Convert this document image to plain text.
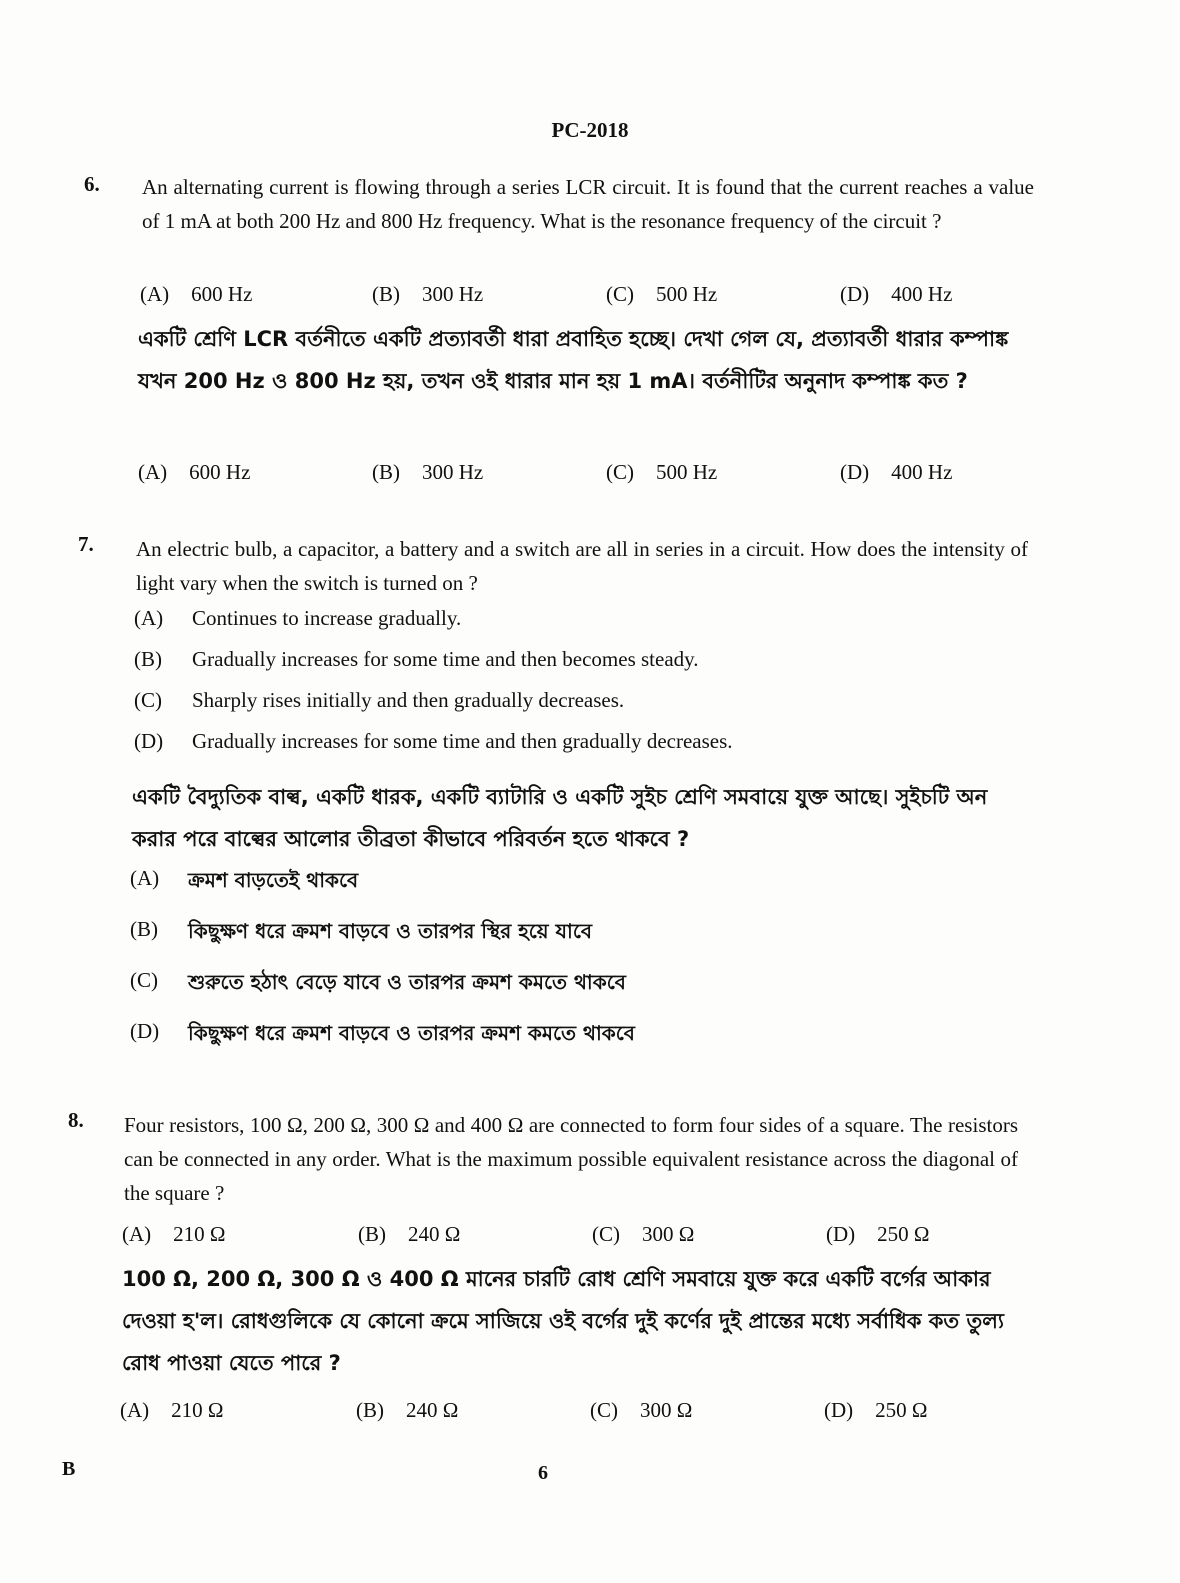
PC-2018
6. An alternating current is flowing through a series LCR circuit. It is found that the current reaches a value of 1 mA at both 200 Hz and 800 Hz frequency. What is the resonance frequency of the circuit ?
(A) 600 Hz	(B) 300 Hz	(C) 500 Hz	(D) 400 Hz
একটি শ্রেণি LCR বর্তনীতে একটি প্রত্যাবর্তী ধারা প্রবাহিত হচ্ছে। দেখা গেল যে, প্রত্যাবর্তী ধারার কম্পাঙ্ক যখন 200 Hz ও 800 Hz হয়, তখন ওই ধারার মান হয় 1 mA। বর্তনীটির অনুনাদ কম্পাঙ্ক কত ?
(A) 600 Hz	(B) 300 Hz	(C) 500 Hz	(D) 400 Hz
7. An electric bulb, a capacitor, a battery and a switch are all in series in a circuit. How does the intensity of light vary when the switch is turned on ?
(A)	Continues to increase gradually.
(B)	Gradually increases for some time and then becomes steady.
(C)	Sharply rises initially and then gradually decreases.
(D)	Gradually increases for some time and then gradually decreases.
একটি বৈদ্যুতিক বাল্ব, একটি ধারক, একটি ব্যাটারি ও একটি সুইচ শ্রেণি সমবায়ে যুক্ত আছে। সুইচটি অন করার পরে বাল্বের আলোর তীব্রতা কীভাবে পরিবর্তন হতে থাকবে ?
(A)	ক্রমশ বাড়তেই থাকবে
(B)	কিছুক্ষণ ধরে ক্রমশ বাড়বে ও তারপর স্থির হয়ে যাবে
(C)	শুরুতে হঠাৎ বেড়ে যাবে ও তারপর ক্রমশ কমতে থাকবে
(D)	কিছুক্ষণ ধরে ক্রমশ বাড়বে ও তারপর ক্রমশ কমতে থাকবে
8. Four resistors, 100 Ω, 200 Ω, 300 Ω and 400 Ω are connected to form four sides of a square. The resistors can be connected in any order. What is the maximum possible equivalent resistance across the diagonal of the square ?
(A) 210 Ω	(B) 240 Ω	(C) 300 Ω	(D) 250 Ω
100 Ω, 200 Ω, 300 Ω ও 400 Ω মানের চারটি রোধ শ্রেণি সমবায়ে যুক্ত করে একটি বর্গের আকার দেওয়া হ'ল। রোধগুলিকে যে কোনো ক্রমে সাজিয়ে ওই বর্গের দুই কর্ণের দুই প্রান্তের মধ্যে সর্বাধিক কত তুল্য রোধ পাওয়া যেতে পারে ?
(A) 210 Ω	(B) 240 Ω	(C) 300 Ω	(D) 250 Ω
B	6
